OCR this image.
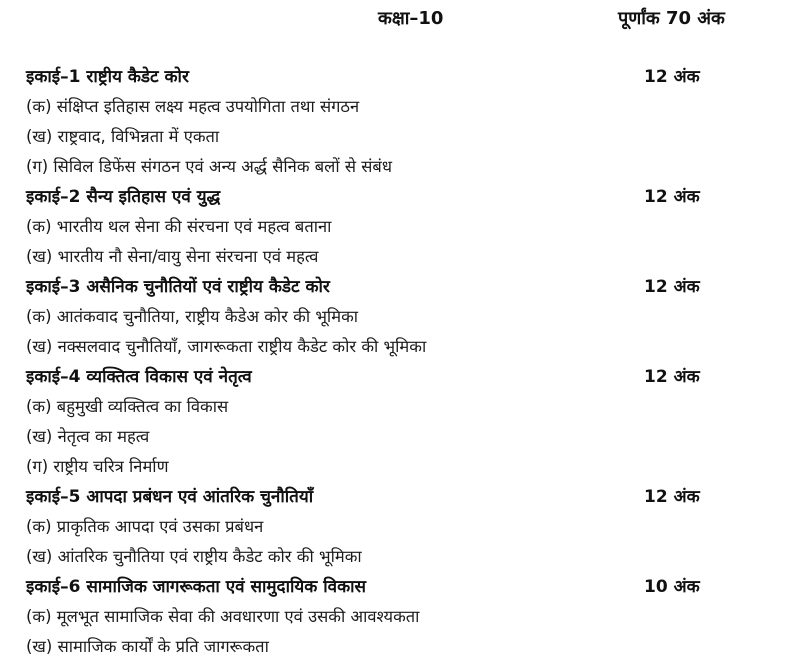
कक्षा–10	पूर्णांक 70 अंक
इकाई–1 राष्ट्रीय कैडेट कोर	12 अंक
(क) संक्षिप्त इतिहास लक्ष्य महत्व उपयोगिता तथा संगठन
(ख) राष्ट्रवाद, विभिन्नता में एकता
(ग) सिविल डिफेंस संगठन एवं अन्य अर्द्ध सैनिक बलों से संबंध
इकाई–2 सैन्य इतिहास एवं युद्ध	12 अंक
(क) भारतीय थल सेना की संरचना एवं महत्व बताना
(ख) भारतीय नौ सेना/वायु सेना संरचना एवं महत्व
इकाई–3 असैनिक चुनौतियों एवं राष्ट्रीय कैडेट कोर	12 अंक
(क) आतंकवाद चुनौतिया, राष्ट्रीय कैडेअ कोर की भूमिका
(ख) नक्सलवाद चुनौतियाँ, जागरूकता राष्ट्रीय कैडेट कोर की भूमिका
इकाई–4 व्यक्तित्व विकास एवं नेतृत्व	12 अंक
(क) बहुमुखी व्यक्तित्व का विकास
(ख) नेतृत्व का महत्व
(ग) राष्ट्रीय चरित्र निर्माण
इकाई–5 आपदा प्रबंधन एवं आंतरिक चुनौतियाँ	12 अंक
(क) प्राकृतिक आपदा एवं उसका प्रबंधन
(ख) आंतरिक चुनौतिया एवं राष्ट्रीय कैडेट कोर की भूमिका
इकाई–6 सामाजिक जागरूकता एवं सामुदायिक विकास	10 अंक
(क) मूलभूत सामाजिक सेवा की अवधारणा एवं उसकी आवश्यकता
(ख) सामाजिक कार्यों के प्रति जागरूकता
